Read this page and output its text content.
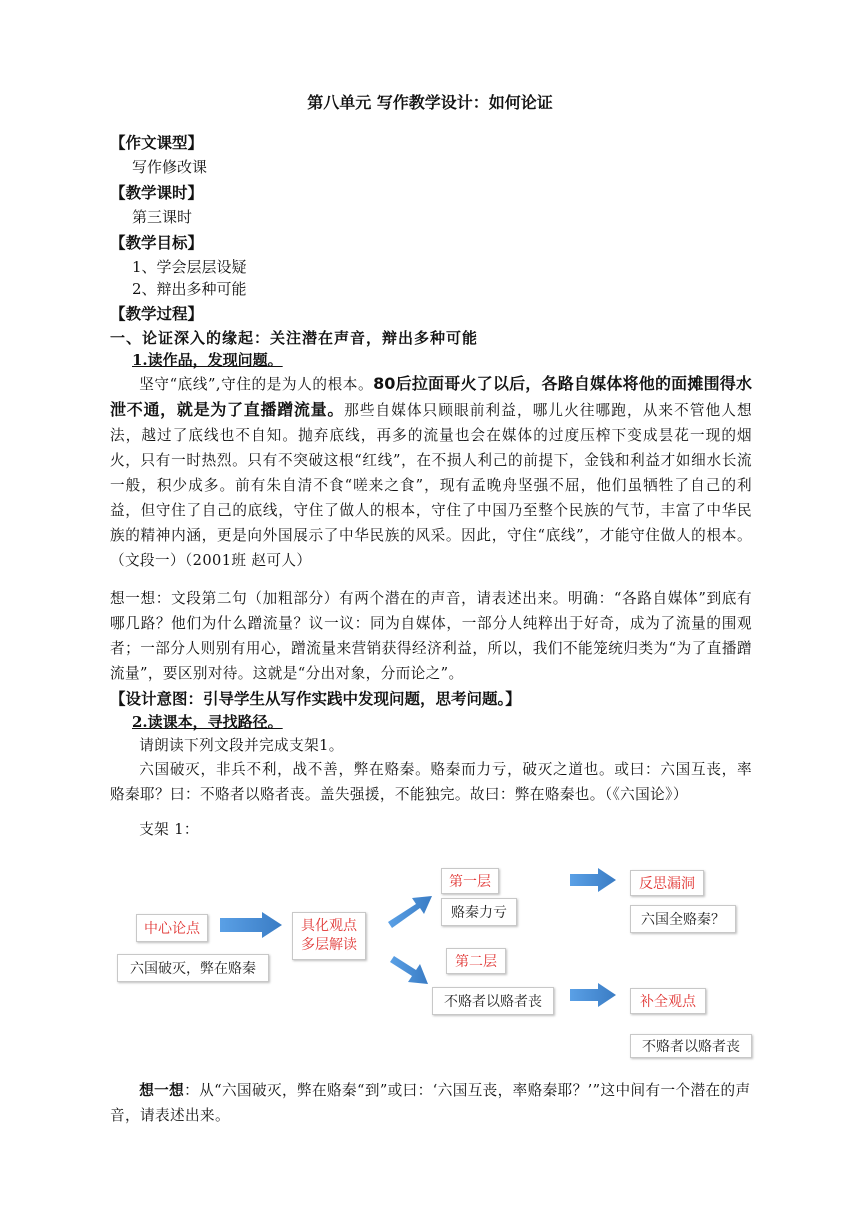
第八单元 写作教学设计：如何论证
【作文课型】
写作修改课
【教学课时】
第三课时
【教学目标】
1、学会层层设疑
2、辩出多种可能
【教学过程】
一、论证深入的缘起：关注潜在声音，辩出多种可能
1.读作品，发现问题。
坚守“底线”,守住的是为人的根本。80后拉面哥火了以后，各路自媒体将他的面摊围得水泄不通，就是为了直播蹭流量。那些自媒体只顾眼前利益，哪儿火往哪跑，从来不管他人想法，越过了底线也不自知。抛弃底线，再多的流量也会在媒体的过度压榨下变成昙花一现的烟火，只有一时热烈。只有不突破这根“红线”，在不损人利己的前提下，金钱和利益才如细水长流一般，积少成多。前有朱自清不食“嗟来之食”，现有孟晚舟坚强不屈，他们虽牺牲了自己的利益，但守住了自己的底线，守住了做人的根本，守住了中国乃至整个民族的气节，丰富了中华民族的精神内涵，更是向外国展示了中华民族的风采。因此，守住“底线”，才能守住做人的根本。（文段一）（2001班 赵可人）
想一想：文段第二句（加粗部分）有两个潜在的声音，请表述出来。明确：“各路自媒体”到底有哪几路？他们为什么蹭流量？议一议：同为自媒体，一部分人纯粹出于好奇，成为了流量的围观者；一部分人则别有用心，蹭流量来营销获得经济利益，所以，我们不能笼统归类为“为了直播蹭流量”，要区别对待。这就是“分出对象，分而论之”。
【设计意图：引导学生从写作实践中发现问题，思考问题。】
2.读课本，寻找路径。
请朗读下列文段并完成支架1。
六国破灭，非兵不利，战不善，弊在赂秦。赂秦而力亏，破灭之道也。或曰：六国互丧，率赂秦耶？曰：不赂者以赂者丧。盖失强援，不能独完。故曰：弊在赂秦也。（《六国论》）
支架 1：
中心论点
六国破灭，弊在赂秦
具化观点
多层解读
第一层
赂秦力亏
第二层
不赂者以赂者丧
反思漏洞
六国全赂秦？
补全观点
不赂者以赂者丧
想一想：从“六国破灭，弊在赂秦“到”或曰：‘六国互丧，率赂秦耶？’”这中间有一个潜在的声音，请表述出来。
